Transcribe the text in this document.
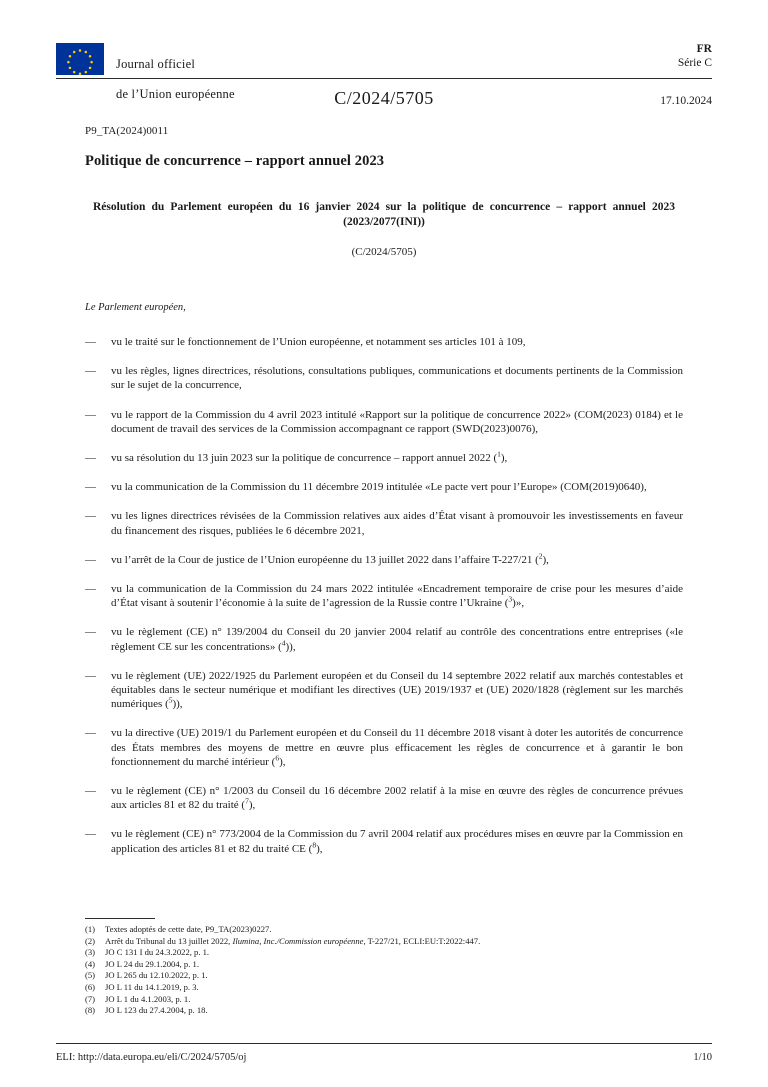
Journal officiel

de l’Union européenne

FR
Série C
C/2024/5705	17.10.2024
P9_TA(2024)0011
Politique de concurrence – rapport annuel 2023
Résolution du Parlement européen du 16 janvier 2024 sur la politique de concurrence – rapport annuel 2023 (2023/2077(INI))
(C/2024/5705)
Le Parlement européen,
— vu le traité sur le fonctionnement de l’Union européenne, et notamment ses articles 101 à 109,
— vu les règles, lignes directrices, résolutions, consultations publiques, communications et documents pertinents de la Commission sur le sujet de la concurrence,
— vu le rapport de la Commission du 4 avril 2023 intitulé «Rapport sur la politique de concurrence 2022» (COM(2023) 0184) et le document de travail des services de la Commission accompagnant ce rapport (SWD(2023)0076),
— vu sa résolution du 13 juin 2023 sur la politique de concurrence – rapport annuel 2022 ($^1$),
— vu la communication de la Commission du 11 décembre 2019 intitulée «Le pacte vert pour l’Europe» (COM(2019)0640),
— vu les lignes directrices révisées de la Commission relatives aux aides d’État visant à promouvoir les investissements en faveur du financement des risques, publiées le 6 décembre 2021,
— vu l’arrêt de la Cour de justice de l’Union européenne du 13 juillet 2022 dans l’affaire T-227/21 ($^2$),
— vu la communication de la Commission du 24 mars 2022 intitulée «Encadrement temporaire de crise pour les mesures d’aide d’État visant à soutenir l’économie à la suite de l’agression de la Russie contre l’Ukraine ($^3$)»,
— vu le règlement (CE) n° 139/2004 du Conseil du 20 janvier 2004 relatif au contrôle des concentrations entre entreprises («le règlement CE sur les concentrations» ($^4$)),
— vu le règlement (UE) 2022/1925 du Parlement européen et du Conseil du 14 septembre 2022 relatif aux marchés contestables et équitables dans le secteur numérique et modifiant les directives (UE) 2019/1937 et (UE) 2020/1828 (règlement sur les marchés numériques ($^5$)),
— vu la directive (UE) 2019/1 du Parlement européen et du Conseil du 11 décembre 2018 visant à doter les autorités de concurrence des États membres des moyens de mettre en œuvre plus efficacement les règles de concurrence et à garantir le bon fonctionnement du marché intérieur ($^6$),
— vu le règlement (CE) n° 1/2003 du Conseil du 16 décembre 2002 relatif à la mise en œuvre des règles de concurrence prévues aux articles 81 et 82 du traité ($^7$),
— vu le règlement (CE) n° 773/2004 de la Commission du 7 avril 2004 relatif aux procédures mises en œuvre par la Commission en application des articles 81 et 82 du traité CE ($^8$),
(1)	Textes adoptés de cette date, P9_TA(2023)0227.
(2)	Arrêt du Tribunal du 13 juillet 2022, Ilumina, Inc./Commission européenne, T-227/21, ECLI:EU:T:2022:447.
(3)	JO C 131 I du 24.3.2022, p. 1.
(4)	JO L 24 du 29.1.2004, p. 1.
(5)	JO L 265 du 12.10.2022, p. 1.
(6)	JO L 11 du 14.1.2019, p. 3.
(7)	JO L 1 du 4.1.2003, p. 1.
(8)	JO L 123 du 27.4.2004, p. 18.
ELI: http://data.europa.eu/eli/C/2024/5705/oj	1/10
